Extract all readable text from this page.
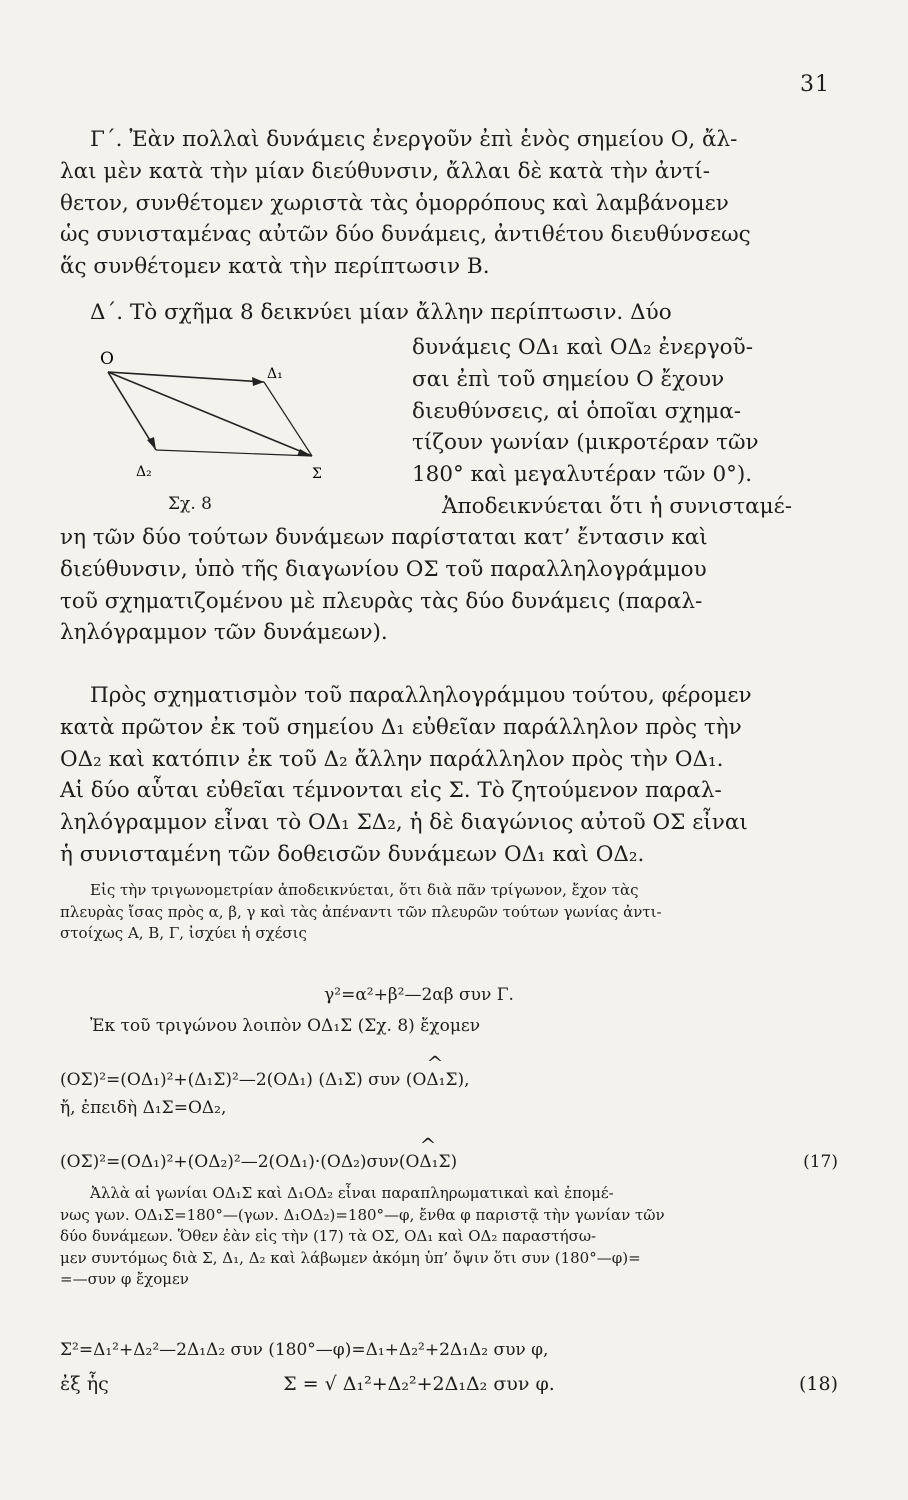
31

Γ΄. Ἐὰν πολλαὶ δυνάμεις ἐνεργοῦν ἐπὶ ἑνὸς σημείου Ο, ἄλ-

λαι μὲν κατὰ τὴν μίαν διεύθυνσιν, ἄλλαι δὲ κατὰ τὴν ἀντί-

θετον, συνθέτομεν χωριστὰ τὰς ὁμορρόπους καὶ λαμβάνομεν

ὡς συνισταμένας αὐτῶν δύο δυνάμεις, ἀντιθέτου διευθύνσεως

ἅς συνθέτομεν κατὰ τὴν περίπτωσιν Β.

Δ΄. Τὸ σχῆμα 8 δεικνύει μίαν ἄλλην περίπτωσιν. Δύο

O
Δ₁
Δ₂	Σ
Σχ. 8

δυνάμεις ΟΔ₁ καὶ ΟΔ₂ ἐνεργοῦ-

σαι ἐπὶ τοῦ σημείου Ο ἔχουν

διευθύνσεις, αἱ ὁποῖαι σχημα-

τίζουν γωνίαν (μικροτέραν τῶν

180° καὶ μεγαλυτέραν τῶν 0°).

Ἀποδεικνύεται ὅτι ἡ συνισταμέ-

νη τῶν δύο τούτων δυνάμεων παρίσταται κατ’ ἔντασιν καὶ

διεύθυνσιν, ὑπὸ τῆς διαγωνίου ΟΣ τοῦ παραλληλογράμμου

τοῦ σχηματιζομένου μὲ πλευρὰς τὰς δύο δυνάμεις (παραλ-

ληλόγραμμον τῶν δυνάμεων).

Πρὸς σχηματισμὸν τοῦ παραλληλογράμμου τούτου, φέρομεν

κατὰ πρῶτον ἐκ τοῦ σημείου Δ₁ εὐθεῖαν παράλληλον πρὸς τὴν

ΟΔ₂ καὶ κατόπιν ἐκ τοῦ Δ₂ ἄλλην παράλληλον πρὸς τὴν ΟΔ₁.

Αἱ δύο αὗται εὐθεῖαι τέμνονται εἰς Σ. Τὸ ζητούμενον παραλ-

ληλόγραμμον εἶναι τὸ ΟΔ₁ ΣΔ₂, ἡ δὲ διαγώνιος αὐτοῦ ΟΣ εἶναι

ἡ συνισταμένη τῶν δοθεισῶν δυνάμεων ΟΔ₁ καὶ ΟΔ₂.

Εἰς τὴν τριγωνομετρίαν ἀποδεικνύεται, ὅτι διὰ πᾶν τρίγωνον, ἔχον τὰς

πλευρὰς ἴσας πρὸς α, β, γ καὶ τὰς ἀπέναντι τῶν πλευρῶν τούτων γωνίας ἀντι-

στοίχως Α, Β, Γ, ἰσχύει ἡ σχέσις

γ²=α²+β²—2αβ συν Γ.
Ἐκ τοῦ τριγώνου λοιπὸν ΟΔ₁Σ (Σχ. 8) ἔχομεν
(ΟΣ)²=(ΟΔ₁)²+(Δ₁Σ)²—2(ΟΔ₁) (Δ₁Σ) συν (^ ΟΔ₁Σ),
ἤ, ἐπειδὴ Δ₁Σ=ΟΔ₂,
(ΟΣ)²=(ΟΔ₁)²+(ΟΔ₂)²—2(ΟΔ₁)·(ΟΔ₂)συν(^ ΟΔ₁Σ)	(17)

Ἀλλὰ αἱ γωνίαι ΟΔ₁Σ καὶ Δ₁ΟΔ₂ εἶναι παραπληρωματικαὶ καὶ ἑπομέ-

νως γων. ΟΔ₁Σ=180°—(γων. Δ₁ΟΔ₂)=180°—φ, ἔνθα φ παριστᾷ τὴν γωνίαν τῶν

δύο δυνάμεων. Ὅθεν ἐὰν εἰς τὴν (17) τὰ ΟΣ, ΟΔ₁ καὶ ΟΔ₂ παραστήσω-

μεν συντόμως διὰ Σ, Δ₁, Δ₂ καὶ λάβωμεν ἀκόμη ὑπ’ ὄψιν ὅτι συν (180°—φ)=

=—συν φ ἔχομεν

Σ²=Δ₁²+Δ₂²—2Δ₁Δ₂ συν (180°—φ)=Δ₁+Δ₂²+2Δ₁Δ₂ συν φ,
ἐξ ἧς	Σ = √ Δ₁²+Δ₂²+2Δ₁Δ₂ συν φ.	(18)
